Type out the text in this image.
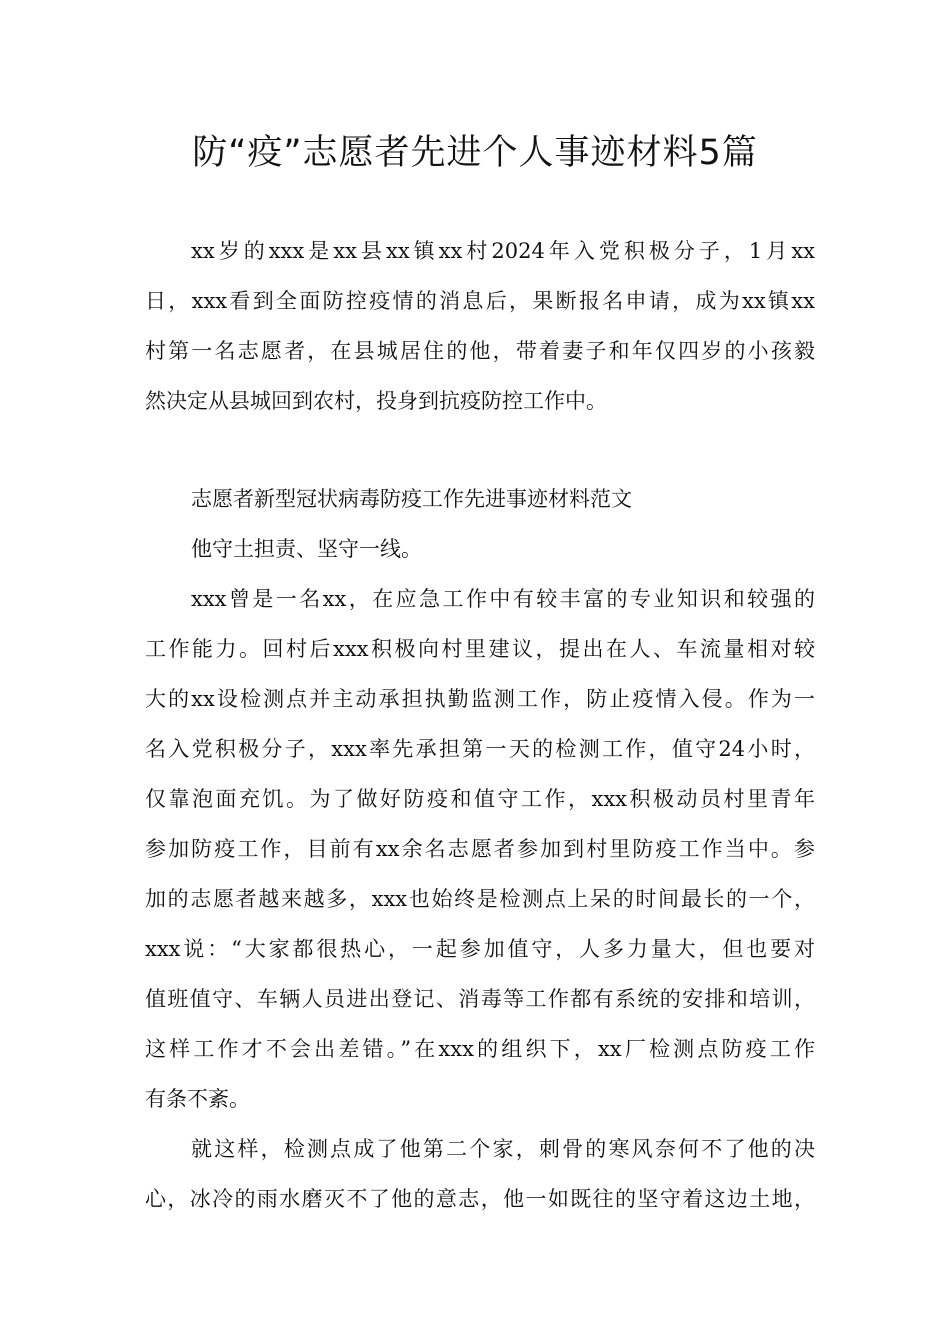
防“疫”志愿者先进个人事迹材料5篇
xx岁的xxx是xx县xx镇xx村2024年入党积极分子，1月xx
日，xxx看到全面防控疫情的消息后，果断报名申请，成为xx镇xx
村第一名志愿者，在县城居住的他，带着妻子和年仅四岁的小孩毅
然决定从县城回到农村，投身到抗疫防控工作中。
志愿者新型冠状病毒防疫工作先进事迹材料范文
他守土担责、坚守一线。
xxx曾是一名xx，在应急工作中有较丰富的专业知识和较强的
工作能力。回村后xxx积极向村里建议，提出在人、车流量相对较
大的xx设检测点并主动承担执勤监测工作，防止疫情入侵。作为一
名入党积极分子，xxx率先承担第一天的检测工作，值守24小时，
仅靠泡面充饥。为了做好防疫和值守工作，xxx积极动员村里青年
参加防疫工作，目前有xx余名志愿者参加到村里防疫工作当中。参
加的志愿者越来越多，xxx也始终是检测点上呆的时间最长的一个，
xxx说：“大家都很热心，一起参加值守，人多力量大，但也要对
值班值守、车辆人员进出登记、消毒等工作都有系统的安排和培训，
这样工作才不会出差错。”在xxx的组织下，xx厂检测点防疫工作
有条不紊。
就这样，检测点成了他第二个家，刺骨的寒风奈何不了他的决
心，冰冷的雨水磨灭不了他的意志，他一如既往的坚守着这边土地，
